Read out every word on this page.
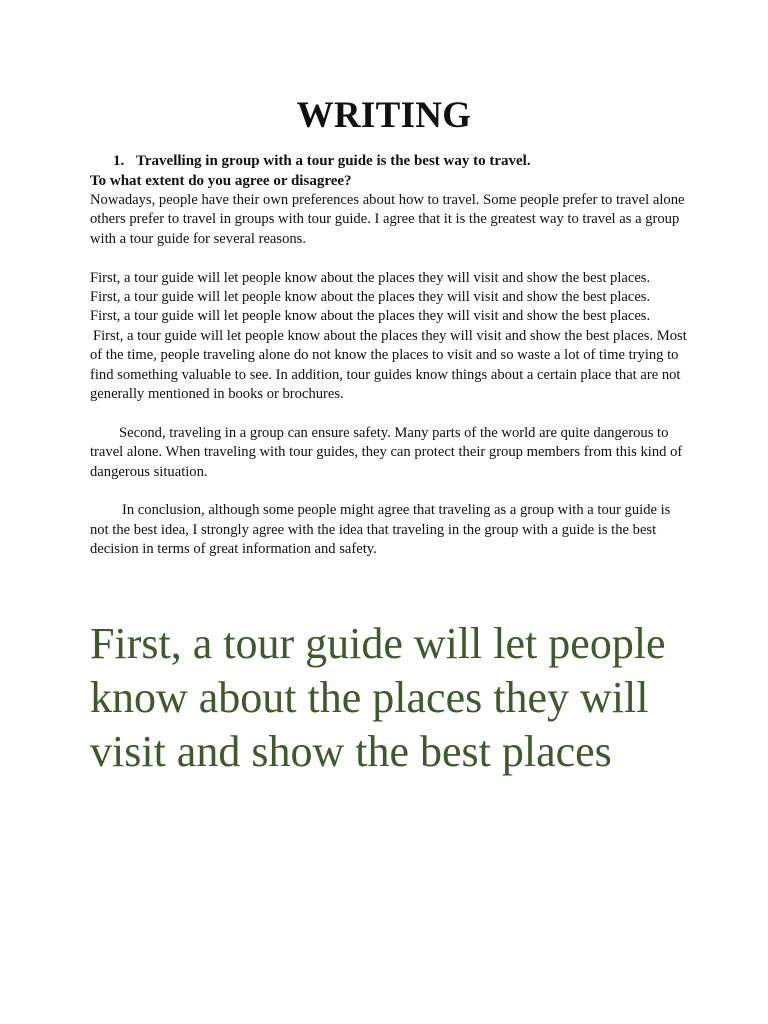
WRITING
1. Travelling in group with a tour guide is the best way to travel.
To what extent do you agree or disagree?

Nowadays, people have their own preferences about how to travel. Some people prefer to travel alone others prefer to travel in groups with tour guide. I agree that it is the greatest way to travel as a group with a tour guide for several reasons.

First, a tour guide will let people know about the places they will visit and show the best places.

First, a tour guide will let people know about the places they will visit and show the best places.

First, a tour guide will let people know about the places they will visit and show the best places.

First, a tour guide will let people know about the places they will visit and show the best places. Most of the time, people traveling alone do not know the places to visit and so waste a lot of time trying to find something valuable to see. In addition, tour guides know things about a certain place that are not generally mentioned in books or brochures.

Second, traveling in a group can ensure safety. Many parts of the world are quite dangerous to travel alone. When traveling with tour guides, they can protect their group members from this kind of dangerous situation.

In conclusion, although some people might agree that traveling as a group with a tour guide is not the best idea, I strongly agree with the idea that traveling in the group with a guide is the best decision in terms of great information and safety.

First, a tour guide will let people know about the places they will visit and show the best places
